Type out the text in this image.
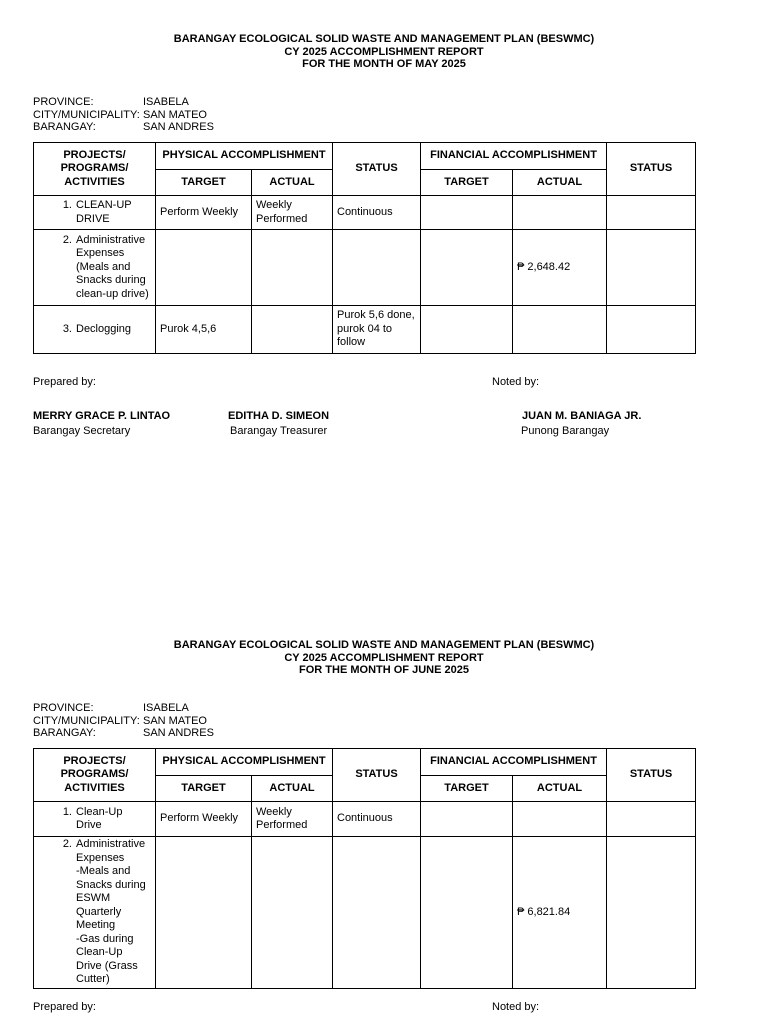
BARANGAY ECOLOGICAL SOLID WASTE AND MANAGEMENT PLAN (BESWMC)
CY 2025 ACCOMPLISHMENT REPORT
FOR THE MONTH OF MAY 2025
PROVINCE:	ISABELA
CITY/MUNICIPALITY: SAN MATEO
BARANGAY:	SAN ANDRES
PROJECTS/ PROGRAMS/ ACTIVITIES	PHYSICAL ACCOMPLISHMENT		STATUS	FINANCIAL ACCOMPLISHMENT		STATUS
	TARGET	ACTUAL		TARGET	ACTUAL	

1. CLEAN-UP DRIVE	Perform Weekly	Weekly Performed	Continuous			

2. Administrative Expenses (Meals and Snacks during clean-up drive)					₱ 2,648.42	

3. Declogging	Purok 4,5,6		Purok 5,6 done, purok 04 to follow			
Prepared by:	Noted by:
MERRY GRACE P. LINTAO
Barangay Secretary
EDITHA D. SIMEON
Barangay Treasurer
JUAN M. BANIAGA JR.
Punong Barangay
BARANGAY ECOLOGICAL SOLID WASTE AND MANAGEMENT PLAN (BESWMC)
CY 2025 ACCOMPLISHMENT REPORT
FOR THE MONTH OF JUNE 2025
PROVINCE:	ISABELA
CITY/MUNICIPALITY: SAN MATEO
BARANGAY:	SAN ANDRES
PROJECTS/ PROGRAMS/ ACTIVITIES	PHYSICAL ACCOMPLISHMENT		STATUS	FINANCIAL ACCOMPLISHMENT		STATUS
	TARGET	ACTUAL		TARGET	ACTUAL	

1. Clean-Up Drive	Perform Weekly	Weekly Performed	Continuous			

2. Administrative Expenses
-Meals and Snacks during ESWM Quarterly Meeting
-Gas during Clean-Up Drive (Grass Cutter)					₱ 6,821.84	
Prepared by:	Noted by:
